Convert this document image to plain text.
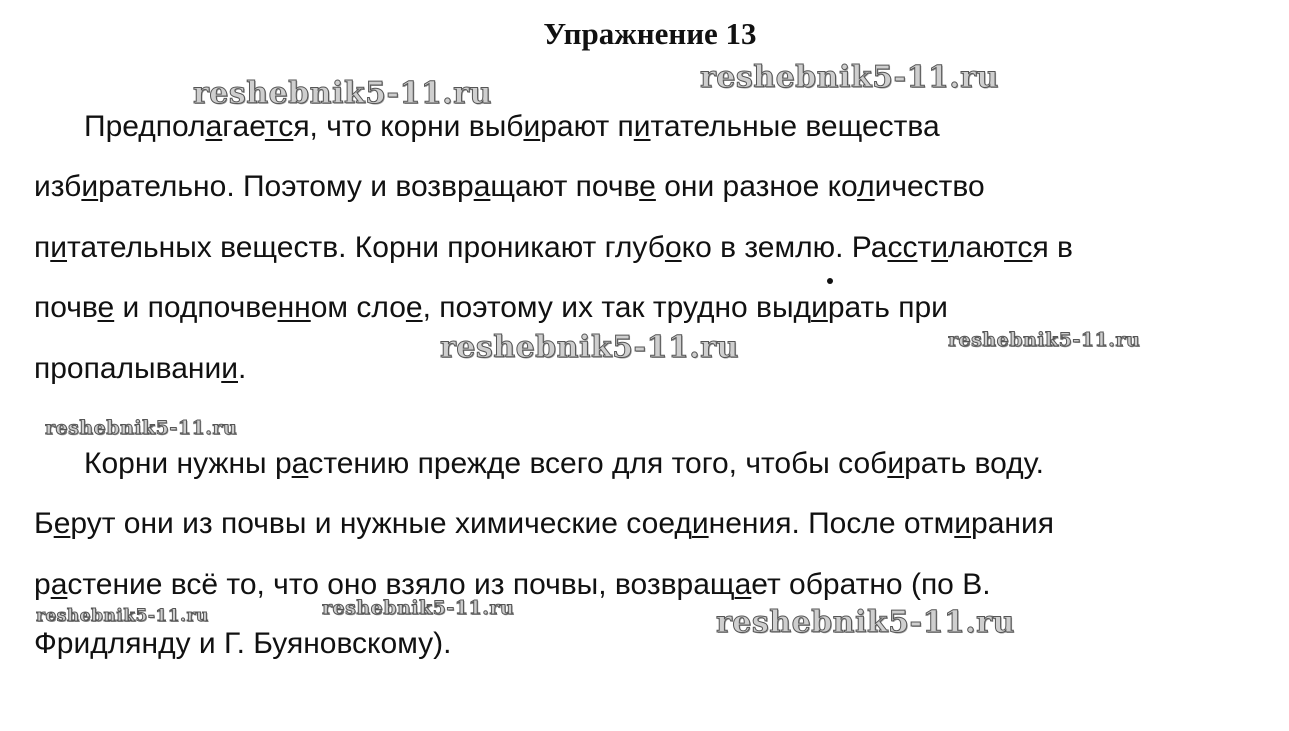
Упражнение 13
Предполагается, что корни выбирают питательные вещества
избирательно. Поэтому и возвращают почве они разное количество
питательных веществ. Корни проникают глубоко в землю. Расстилаются в
почве и подпочвенном слое, поэтому их так трудно выдирать при
пропалывании.
Корни нужны растению прежде всего для того, чтобы собирать воду.
Берут они из почвы и нужные химические соединения. После отмирания
растение всё то, что оно взяло из почвы, возвращает обратно (по В.
Фридлянду и Г. Буяновскому).
reshebnik5-11.ru	reshebnik5-11.ru
reshebnik5-11.ru	reshebnik5-11.ru
reshebnik5-11.ru
reshebnik5-11.ru	reshebnik5-11.ru	reshebnik5-11.ru
